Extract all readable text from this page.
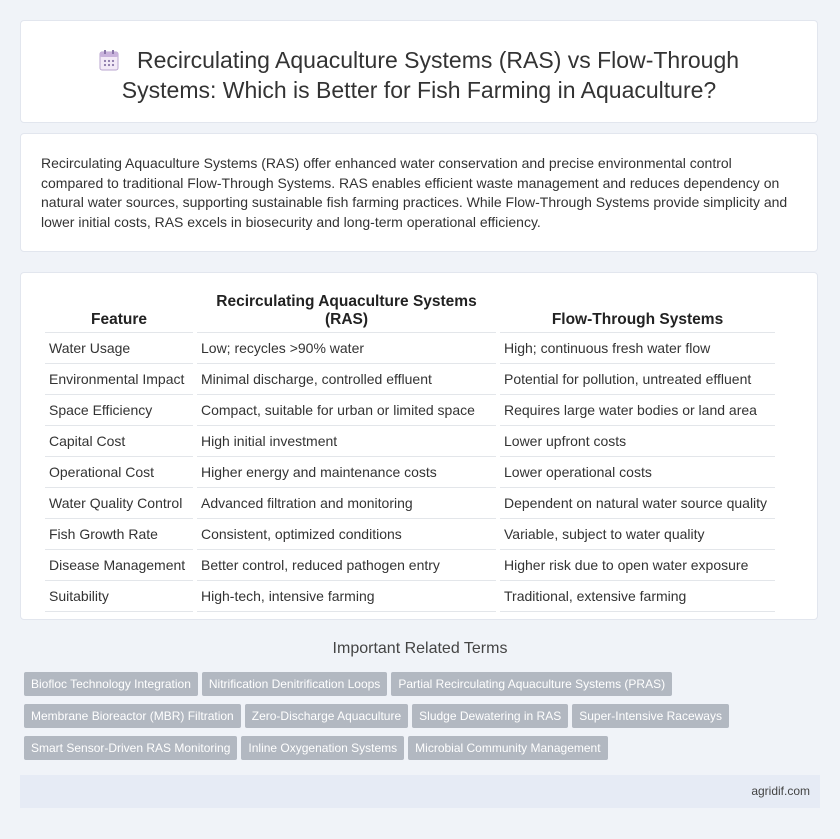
Recirculating Aquaculture Systems (RAS) vs Flow-Through Systems: Which is Better for Fish Farming in Aquaculture?

Recirculating Aquaculture Systems (RAS) offer enhanced water conservation and precise environmental control compared to traditional Flow-Through Systems. RAS enables efficient waste management and reduces dependency on natural water sources, supporting sustainable fish farming practices. While Flow-Through Systems provide simplicity and lower initial costs, RAS excels in biosecurity and long-term operational efficiency.

Feature	Recirculating Aquaculture Systems (RAS)	Flow-Through Systems
Water Usage	Low; recycles >90% water	High; continuous fresh water flow
Environmental Impact	Minimal discharge, controlled effluent	Potential for pollution, untreated effluent
Space Efficiency	Compact, suitable for urban or limited space	Requires large water bodies or land area
Capital Cost	High initial investment	Lower upfront costs
Operational Cost	Higher energy and maintenance costs	Lower operational costs
Water Quality Control	Advanced filtration and monitoring	Dependent on natural water source quality
Fish Growth Rate	Consistent, optimized conditions	Variable, subject to water quality
Disease Management	Better control, reduced pathogen entry	Higher risk due to open water exposure
Suitability	High-tech, intensive farming	Traditional, extensive farming
Important Related Terms
Biofloc Technology Integration Nitrification Denitrification Loops Partial Recirculating Aquaculture Systems (PRAS)Membrane Bioreactor (MBR) Filtration Zero-Discharge Aquaculture Sludge Dewatering in RAS Super-Intensive RacewaysSmart Sensor-Driven RAS Monitoring Inline Oxygenation Systems Microbial Community Management
agridif.com
